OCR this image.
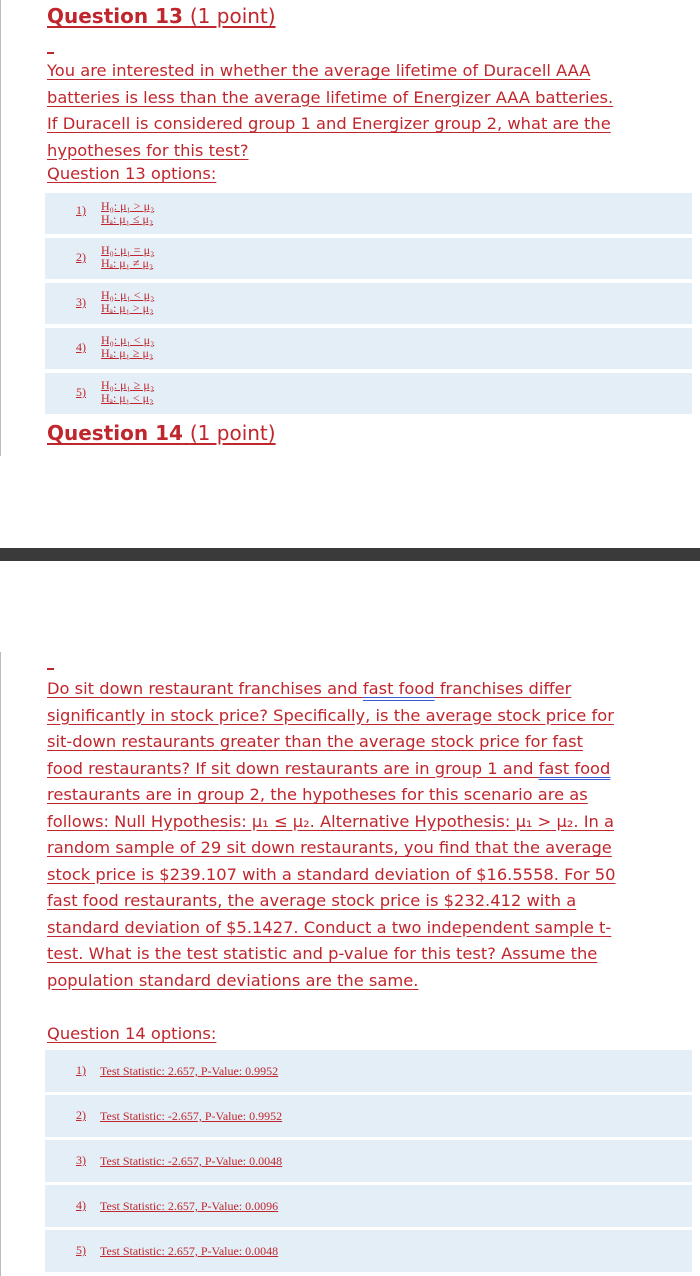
Question 13 (1 point)
You are interested in whether the average lifetime of Duracell AAA batteries is less than the average lifetime of Energizer AAA batteries. If Duracell is considered group 1 and Energizer group 2, what are the hypotheses for this test?
Question 13 options:
1) H₀: μ₁ > μ₂
Hₐ: μ₁ ≤ μ₂
2) H₀: μ₁ = μ₂
Hₐ: μ₁ ≠ μ₂
3) H₀: μ₁ < μ₂
Hₐ: μ₁ > μ₂
4) H₀: μ₁ < μ₂
Hₐ: μ₁ ≥ μ₂
5) H₀: μ₁ ≥ μ₂
Hₐ: μ₁ < μ₂
Question 14 (1 point)
Do sit down restaurant franchises and fast food franchises differ significantly in stock price? Specifically, is the average stock price for sit-down restaurants greater than the average stock price for fast food restaurants? If sit down restaurants are in group 1 and fast food restaurants are in group 2, the hypotheses for this scenario are as follows: Null Hypothesis: μ₁ ≤ μ₂. Alternative Hypothesis: μ₁ > μ₂. In a random sample of 29 sit down restaurants, you find that the average stock price is $239.107 with a standard deviation of $16.5558. For 50 fast food restaurants, the average stock price is $232.412 with a standard deviation of $5.1427. Conduct a two independent sample t-test. What is the test statistic and p-value for this test? Assume the population standard deviations are the same.
Question 14 options:
1) Test Statistic: 2.657, P-Value: 0.9952
2) Test Statistic: -2.657, P-Value: 0.9952
3) Test Statistic: -2.657, P-Value: 0.0048
4) Test Statistic: 2.657, P-Value: 0.0096
5) Test Statistic: 2.657, P-Value: 0.0048
